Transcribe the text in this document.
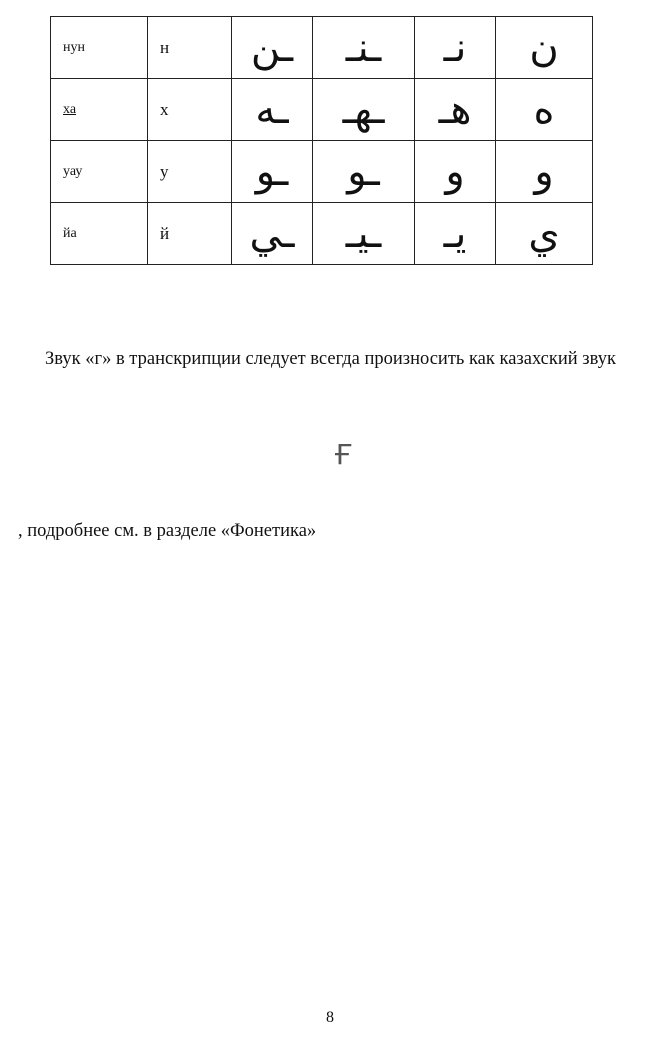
нун	н	ـن	ـنـ	نـ	ن
ха	х	ـه	ـهـ	هـ	ه
уау	у	ـو	ـو	و	و
йа	й	ـي	ـيـ	يـ	ي

Звук «г» в транскрипции следует всегда произносить как казахский звук

Ғ

, подробнее см. в разделе «Фонетика»

8
